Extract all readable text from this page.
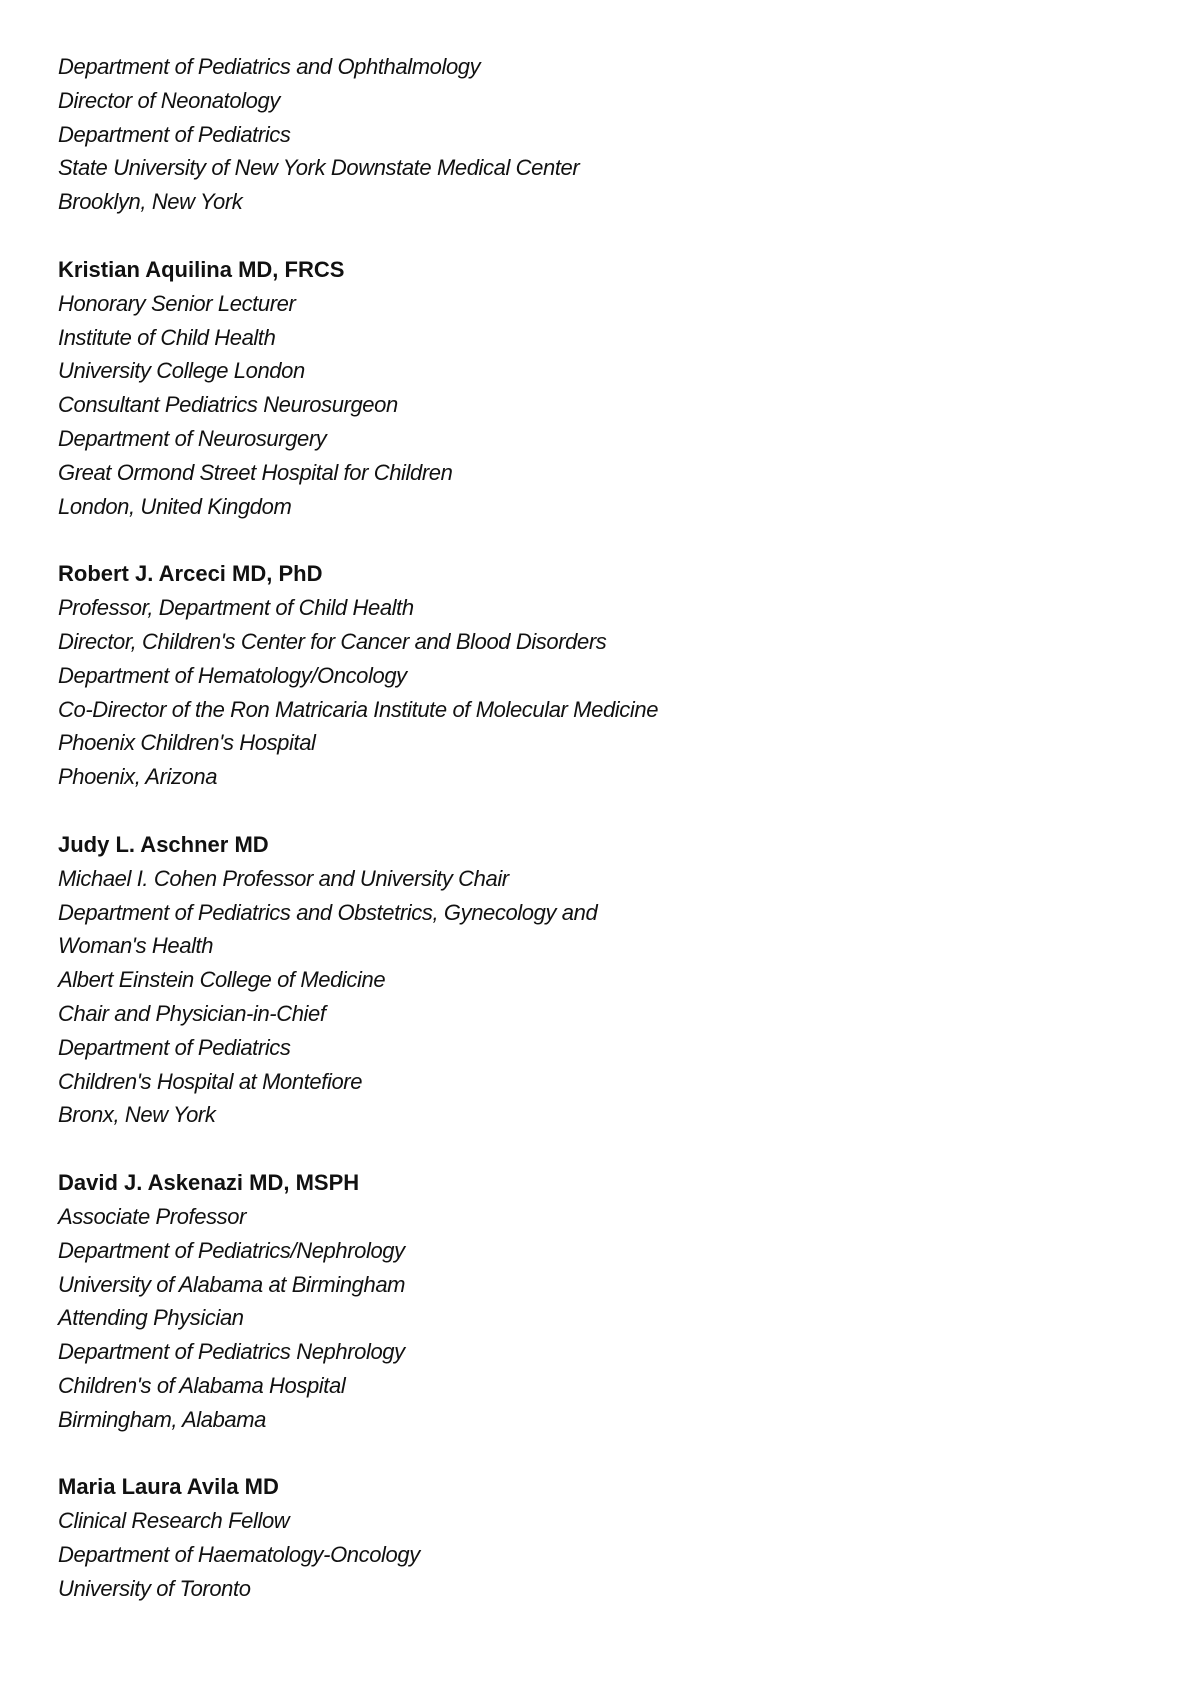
Department of Pediatrics and Ophthalmology
Director of Neonatology
Department of Pediatrics
State University of New York Downstate Medical Center
Brooklyn, New York
Kristian Aquilina MD, FRCS
Honorary Senior Lecturer
Institute of Child Health
University College London
Consultant Pediatrics Neurosurgeon
Department of Neurosurgery
Great Ormond Street Hospital for Children
London, United Kingdom
Robert J. Arceci MD, PhD
Professor, Department of Child Health
Director, Children's Center for Cancer and Blood Disorders
Department of Hematology/Oncology
Co-Director of the Ron Matricaria Institute of Molecular Medicine
Phoenix Children's Hospital
Phoenix, Arizona
Judy L. Aschner MD
Michael I. Cohen Professor and University Chair
Department of Pediatrics and Obstetrics, Gynecology and
Woman's Health
Albert Einstein College of Medicine
Chair and Physician-in-Chief
Department of Pediatrics
Children's Hospital at Montefiore
Bronx, New York
David J. Askenazi MD, MSPH
Associate Professor
Department of Pediatrics/Nephrology
University of Alabama at Birmingham
Attending Physician
Department of Pediatrics Nephrology
Children's of Alabama Hospital
Birmingham, Alabama
Maria Laura Avila MD
Clinical Research Fellow
Department of Haematology-Oncology
University of Toronto
